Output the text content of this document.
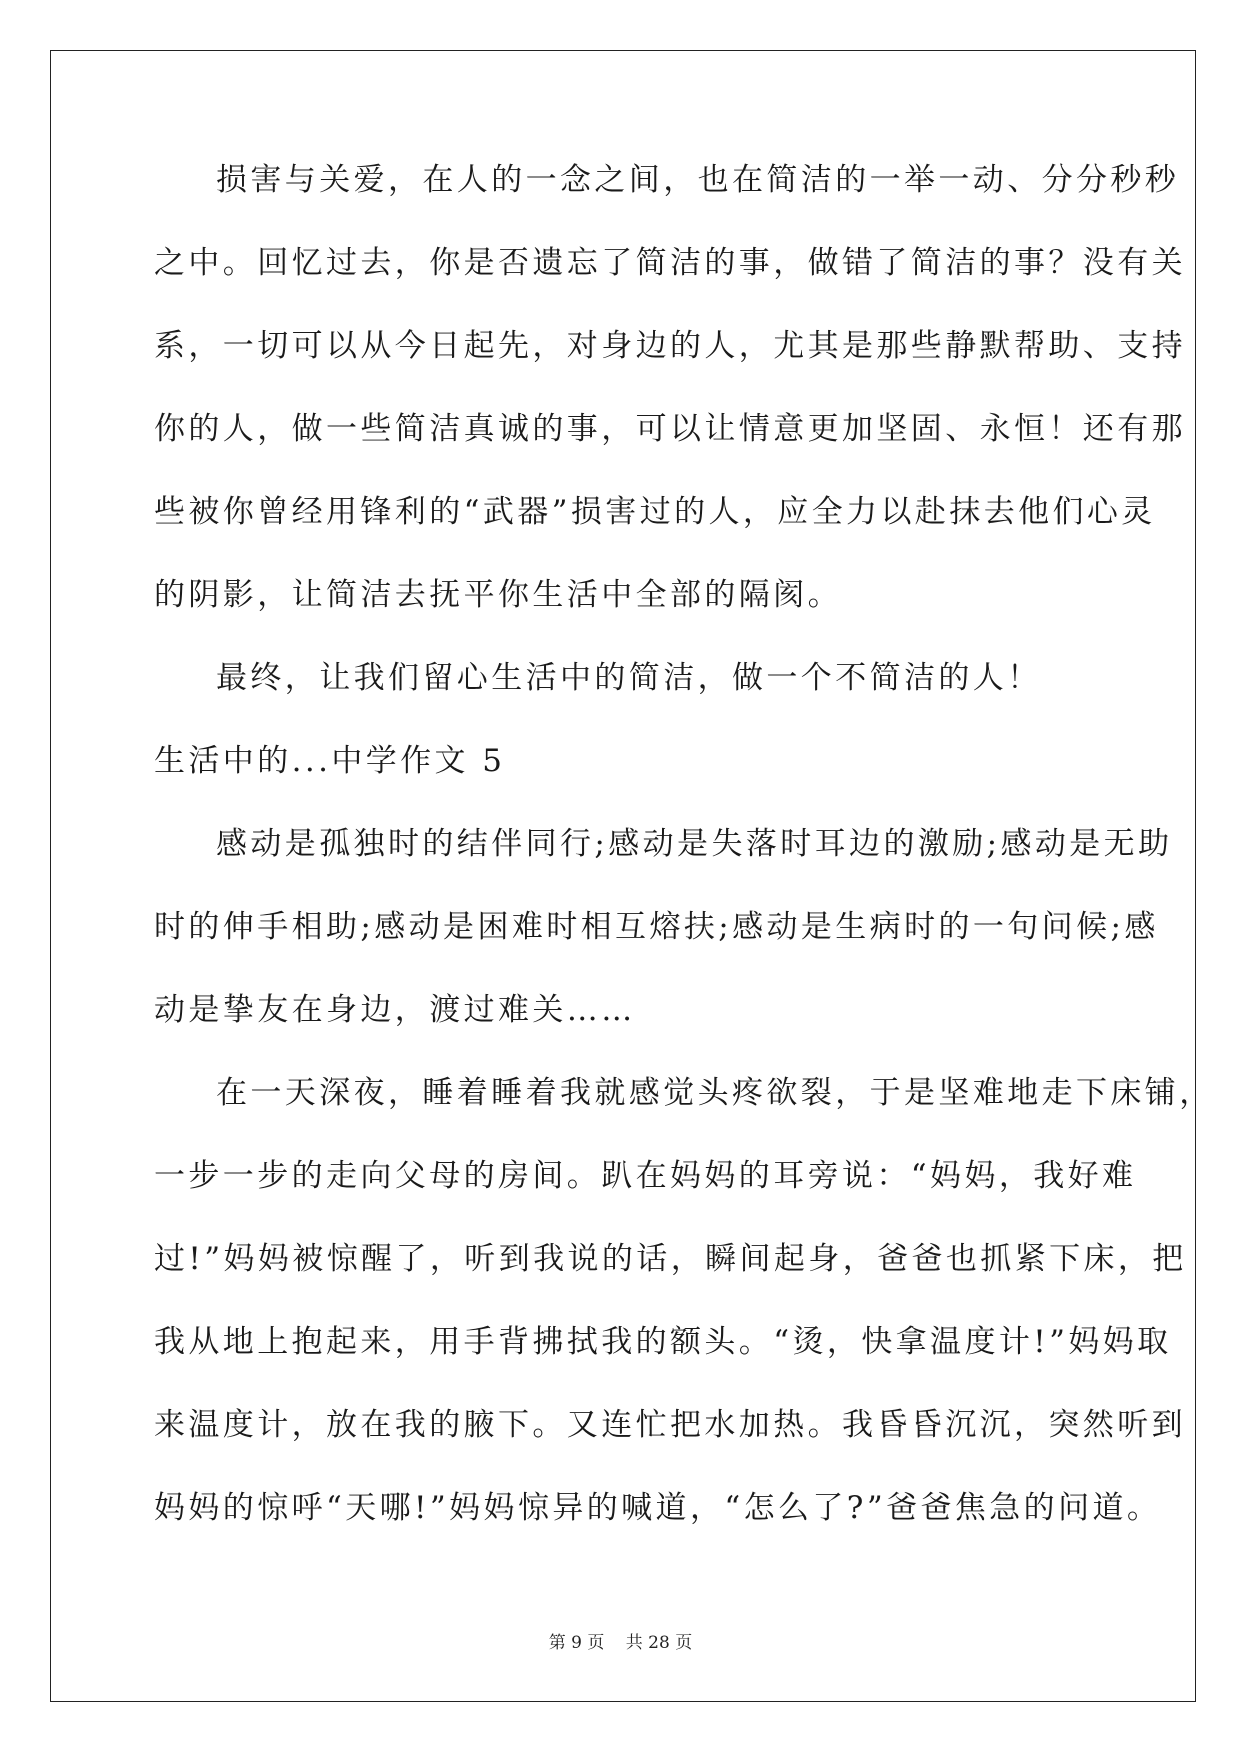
损害与关爱，在人的一念之间，也在简洁的一举一动、分分秒秒
之中。回忆过去，你是否遗忘了简洁的事，做错了简洁的事？没有关
系，一切可以从今日起先，对身边的人，尤其是那些静默帮助、支持
你的人，做一些简洁真诚的事，可以让情意更加坚固、永恒！还有那
些被你曾经用锋利的“武器”损害过的人，应全力以赴抹去他们心灵
的阴影，让简洁去抚平你生活中全部的隔阂。
最终，让我们留心生活中的简洁，做一个不简洁的人！
生活中的...中学作文 5
感动是孤独时的结伴同行;感动是失落时耳边的激励;感动是无助
时的伸手相助;感动是困难时相互熔扶;感动是生病时的一句问候;感
动是挚友在身边，渡过难关……
在一天深夜，睡着睡着我就感觉头疼欲裂，于是坚难地走下床铺，
一步一步的走向父母的房间。趴在妈妈的耳旁说：“妈妈，我好难
过!”妈妈被惊醒了，听到我说的话，瞬间起身，爸爸也抓紧下床，把
我从地上抱起来，用手背拂拭我的额头。“烫，快拿温度计!”妈妈取
来温度计，放在我的腋下。又连忙把水加热。我昏昏沉沉，突然听到
妈妈的惊呼“天哪!”妈妈惊异的喊道，“怎么了?”爸爸焦急的问道。
第 9 页 共 28 页
